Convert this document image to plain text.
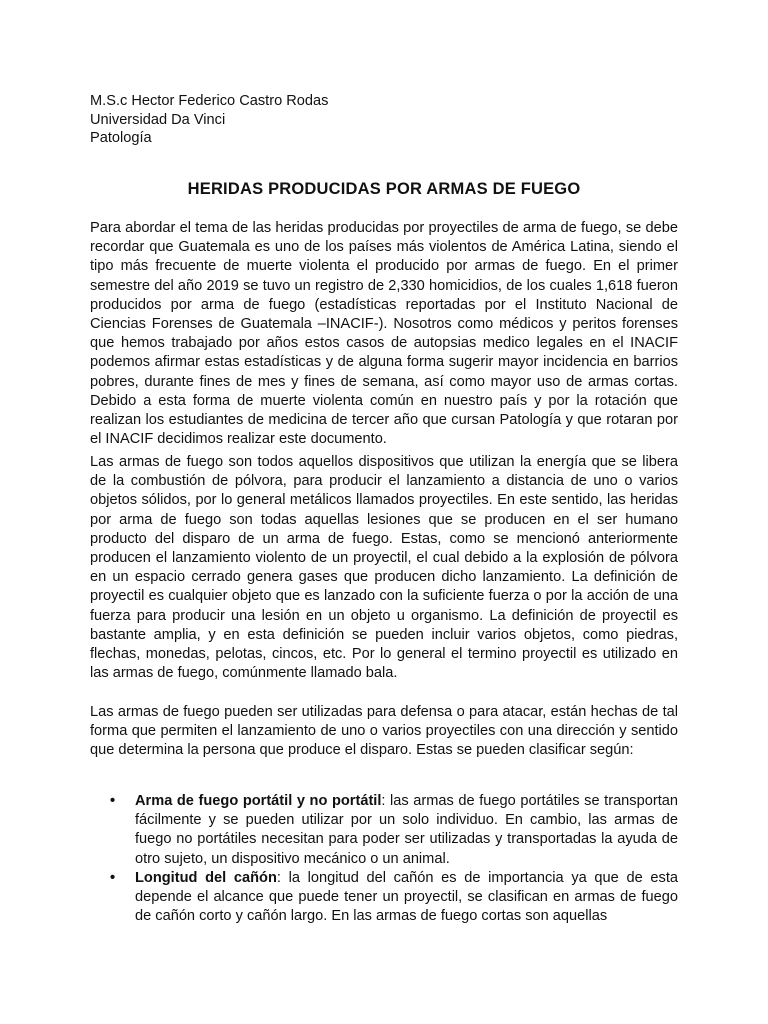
M.S.c Hector Federico Castro Rodas
Universidad Da Vinci
Patología
HERIDAS PRODUCIDAS POR ARMAS DE FUEGO

Para abordar el tema de las heridas producidas por proyectiles de arma de fuego, se debe recordar que Guatemala es uno de los países más violentos de América Latina, siendo el tipo más frecuente de muerte violenta el producido por armas de fuego. En el primer semestre del año 2019 se tuvo un registro de 2,330 homicidios, de los cuales 1,618 fueron producidos por arma de fuego (estadísticas reportadas por el Instituto Nacional de Ciencias Forenses de Guatemala –INACIF-). Nosotros como médicos y peritos forenses que hemos trabajado por años estos casos de autopsias medico legales en el INACIF podemos afirmar estas estadísticas y de alguna forma sugerir mayor incidencia en barrios pobres, durante fines de mes y fines de semana, así como mayor uso de armas cortas. Debido a esta forma de muerte violenta común en nuestro país y por la rotación que realizan los estudiantes de medicina de tercer año que cursan Patología y que rotaran por el INACIF decidimos realizar este documento.

Las armas de fuego son todos aquellos dispositivos que utilizan la energía que se libera de la combustión de pólvora, para producir el lanzamiento a distancia de uno o varios objetos sólidos, por lo general metálicos llamados proyectiles. En este sentido, las heridas por arma de fuego son todas aquellas lesiones que se producen en el ser humano producto del disparo de un arma de fuego. Estas, como se mencionó anteriormente producen el lanzamiento violento de un proyectil, el cual debido a la explosión de pólvora en un espacio cerrado genera gases que producen dicho lanzamiento. La definición de proyectil es cualquier objeto que es lanzado con la suficiente fuerza o por la acción de una fuerza para producir una lesión en un objeto u organismo. La definición de proyectil es bastante amplia, y en esta definición se pueden incluir varios objetos, como piedras, flechas, monedas, pelotas, cincos, etc. Por lo general el termino proyectil es utilizado en las armas de fuego, comúnmente llamado bala.

Las armas de fuego pueden ser utilizadas para defensa o para atacar, están hechas de tal forma que permiten el lanzamiento de uno o varios proyectiles con una dirección y sentido que determina la persona que produce el disparo. Estas se pueden clasificar según:

• Arma de fuego portátil y no portátil: las armas de fuego portátiles se transportan fácilmente y se pueden utilizar por un solo individuo. En cambio, las armas de fuego no portátiles necesitan para poder ser utilizadas y transportadas la ayuda de otro sujeto, un dispositivo mecánico o un animal.
• Longitud del cañón: la longitud del cañón es de importancia ya que de esta depende el alcance que puede tener un proyectil, se clasifican en armas de fuego de cañón corto y cañón largo. En las armas de fuego cortas son aquellas
